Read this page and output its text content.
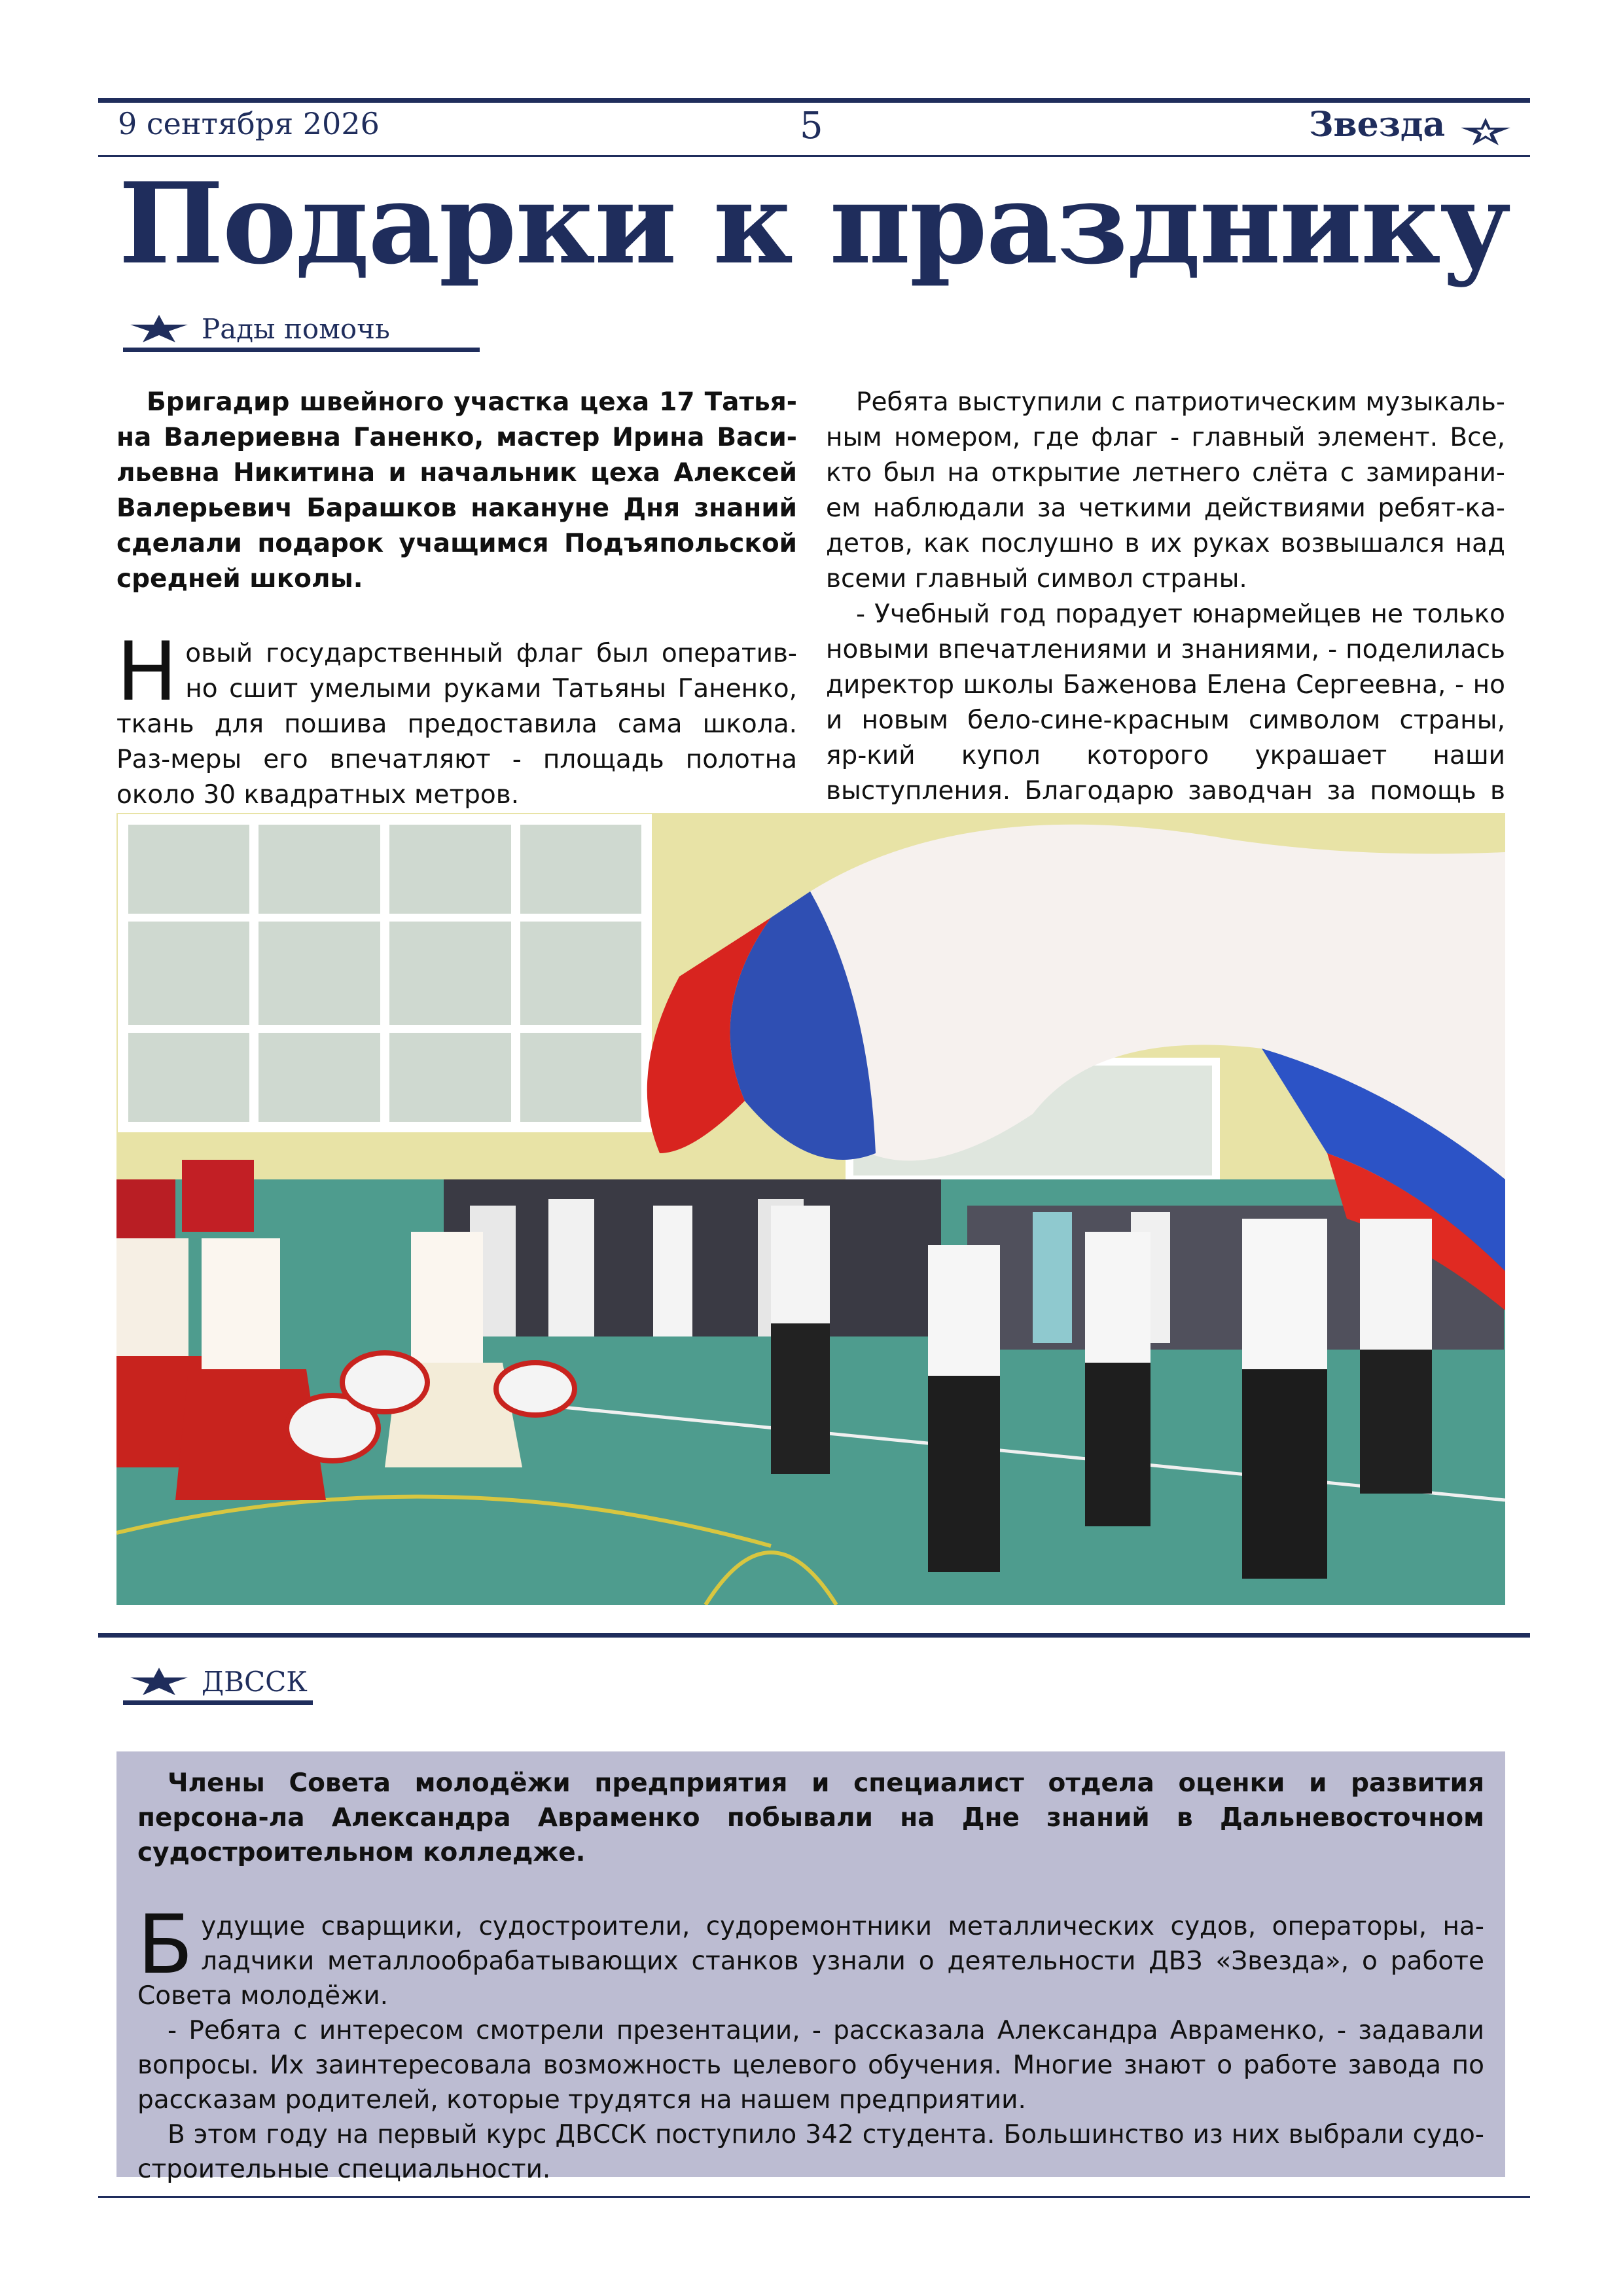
9 сентября 2026	5	Звезда
Подарки к празднику
Рады помочь

Бригадир швейного участка цеха 17 Татья-на Валериевна Ганенко, мастер Ирина Васи-льевна Никитина и начальник цеха Алексей Валерьевич Барашков накануне Дня знаний сделали подарок учащимся Подъяпольской средней школы.

Новый государственный флаг был оператив-но сшит умелыми руками Татьяны Ганенко, ткань для пошива предоставила сама школа. Раз-меры его впечатляют - площадь полотна около 30 квадратных метров.

Ребята выступили с патриотическим музыкаль-ным номером, где флаг - главный элемент. Все, кто был на открытие летнего слёта с замирани-ем наблюдали за четкими действиями ребят-ка-детов, как послушно в их руках возвышался над всеми главный символ страны.

- Учебный год порадует юнармейцев не только новыми впечатлениями и знаниями, - поделилась директор школы Баженова Елена Сергеевна, - но и новым бело-сине-красным символом страны, яр-кий купол которого украшает наши выступления. Благодарю заводчан за помощь в

ДВССК

Члены Совета молодёжи предприятия и специалист отдела оценки и развития персона-ла Александра Авраменко побывали на Дне знаний в Дальневосточном судостроительном колледже.

Будущие сварщики, судостроители, судоремонтники металлических судов, операторы, на-ладчики металлообрабатывающих станков узнали о деятельности ДВЗ «Звезда», о работе Совета молодёжи.

- Ребята с интересом смотрели презентации, - рассказала Александра Авраменко, - задавали вопросы. Их заинтересовала возможность целевого обучения. Многие знают о работе завода по рассказам родителей, которые трудятся на нашем предприятии.

В этом году на первый курс ДВССК поступило 342 студента. Большинство из них выбрали судо-строительные специальности.
